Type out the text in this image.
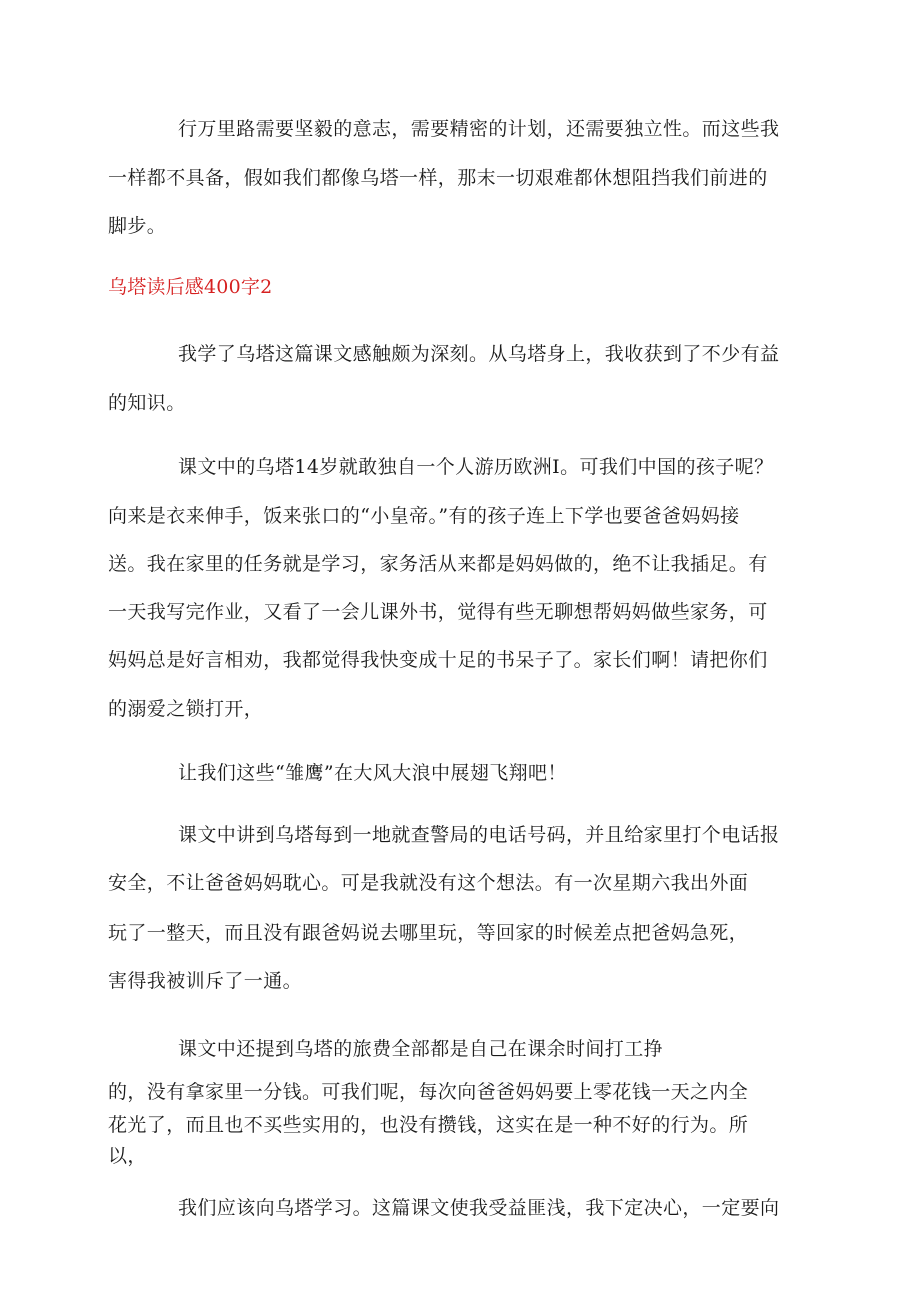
行万里路需要坚毅的意志，需要精密的计划，还需要独立性。而这些我
一样都不具备，假如我们都像乌塔一样，那末一切艰难都休想阻挡我们前进的
脚步。
乌塔读后感400字2
我学了乌塔这篇课文感触颇为深刻。从乌塔身上，我收获到了不少有益
的知识。
课文中的乌塔14岁就敢独自一个人游历欧洲I。可我们中国的孩子呢？
向来是衣来伸手，饭来张口的“小皇帝。”有的孩子连上下学也要爸爸妈妈接
送。我在家里的任务就是学习，家务活从来都是妈妈做的，绝不让我插足。有
一天我写完作业，又看了一会儿课外书，觉得有些无聊想帮妈妈做些家务，可
妈妈总是好言相劝，我都觉得我快变成十足的书呆子了。家长们啊！请把你们
的溺爱之锁打开，
让我们这些“雏鹰”在大风大浪中展翅飞翔吧！
课文中讲到乌塔每到一地就查警局的电话号码，并且给家里打个电话报
安全，不让爸爸妈妈耽心。可是我就没有这个想法。有一次星期六我出外面
玩了一整天，而且没有跟爸妈说去哪里玩，等回家的时候差点把爸妈急死，
害得我被训斥了一通。
课文中还提到乌塔的旅费全部都是自己在课余时间打工挣
的，没有拿家里一分钱。可我们呢，每次向爸爸妈妈要上零花钱一天之内全
花光了，而且也不买些实用的，也没有攒钱，这实在是一种不好的行为。所
以，
我们应该向乌塔学习。这篇课文使我受益匪浅，我下定决心，一定要向
